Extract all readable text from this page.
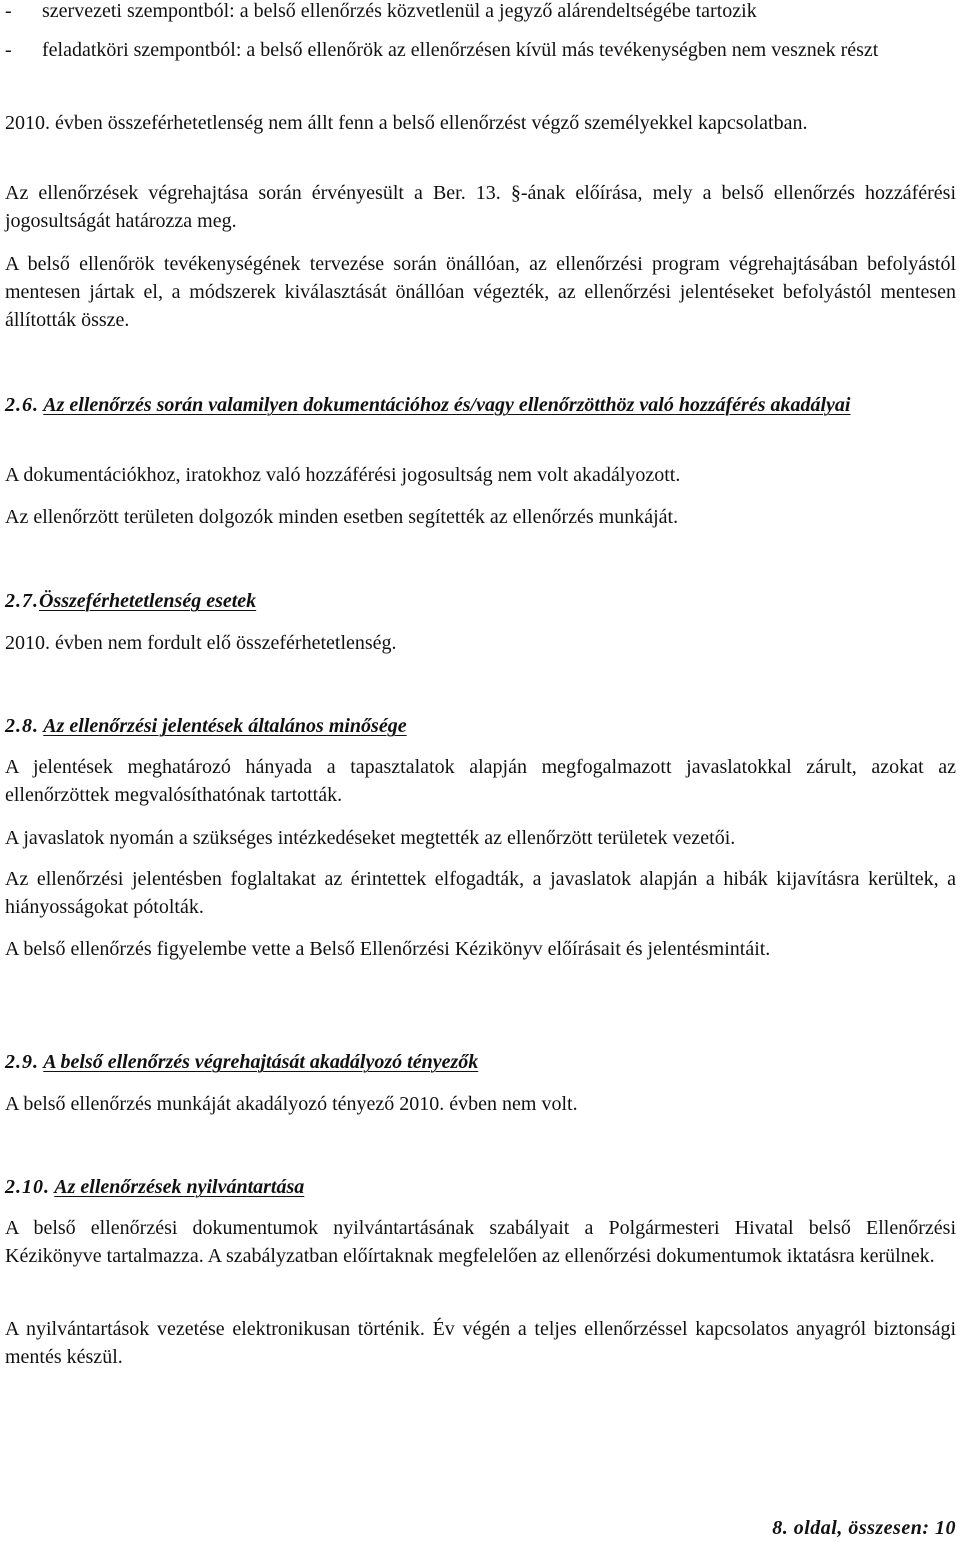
- szervezeti szempontból: a belső ellenőrzés közvetlenül a jegyző alárendeltségébe tartozik
- feladatköri szempontból: a belső ellenőrök az ellenőrzésen kívül más tevékenységben nem vesznek részt

2010. évben összeférhetetlenség nem állt fenn a belső ellenőrzést végző személyekkel kapcsolatban.

Az ellenőrzések végrehajtása során érvényesült a Ber. 13. §-ának előírása, mely a belső ellenőrzés hozzáférési jogosultságát határozza meg.

A belső ellenőrök tevékenységének tervezése során önállóan, az ellenőrzési program végrehajtásában befolyástól mentesen jártak el, a módszerek kiválasztását önállóan végezték, az ellenőrzési jelentéseket befolyástól mentesen állították össze.

2.6. Az ellenőrzés során valamilyen dokumentációhoz és/vagy ellenőrzötthöz való hozzáférés akadályai

A dokumentációkhoz, iratokhoz való hozzáférési jogosultság nem volt akadályozott.

Az ellenőrzött területen dolgozók minden esetben segítették az ellenőrzés munkáját.

2.7.Összeférhetetlenség esetek

2010. évben nem fordult elő összeférhetetlenség.

2.8. Az ellenőrzési jelentések általános minősége

A jelentések meghatározó hányada a tapasztalatok alapján megfogalmazott javaslatokkal zárult, azokat az ellenőrzöttek megvalósíthatónak tartották.

A javaslatok nyomán a szükséges intézkedéseket megtették az ellenőrzött területek vezetői.

Az ellenőrzési jelentésben foglaltakat az érintettek elfogadták, a javaslatok alapján a hibák kijavításra kerültek, a hiányosságokat pótolták.

A belső ellenőrzés figyelembe vette a Belső Ellenőrzési Kézikönyv előírásait és jelentésmintáit.

2.9. A belső ellenőrzés végrehajtását akadályozó tényezők

A belső ellenőrzés munkáját akadályozó tényező 2010. évben nem volt.

2.10. Az ellenőrzések nyilvántartása

A belső ellenőrzési dokumentumok nyilvántartásának szabályait a Polgármesteri Hivatal belső Ellenőrzési Kézikönyve tartalmazza. A szabályzatban előírtaknak megfelelően az ellenőrzési dokumentumok iktatásra kerülnek.

A nyilvántartások vezetése elektronikusan történik. Év végén a teljes ellenőrzéssel kapcsolatos anyagról biztonsági mentés készül.

8. oldal, összesen: 10
